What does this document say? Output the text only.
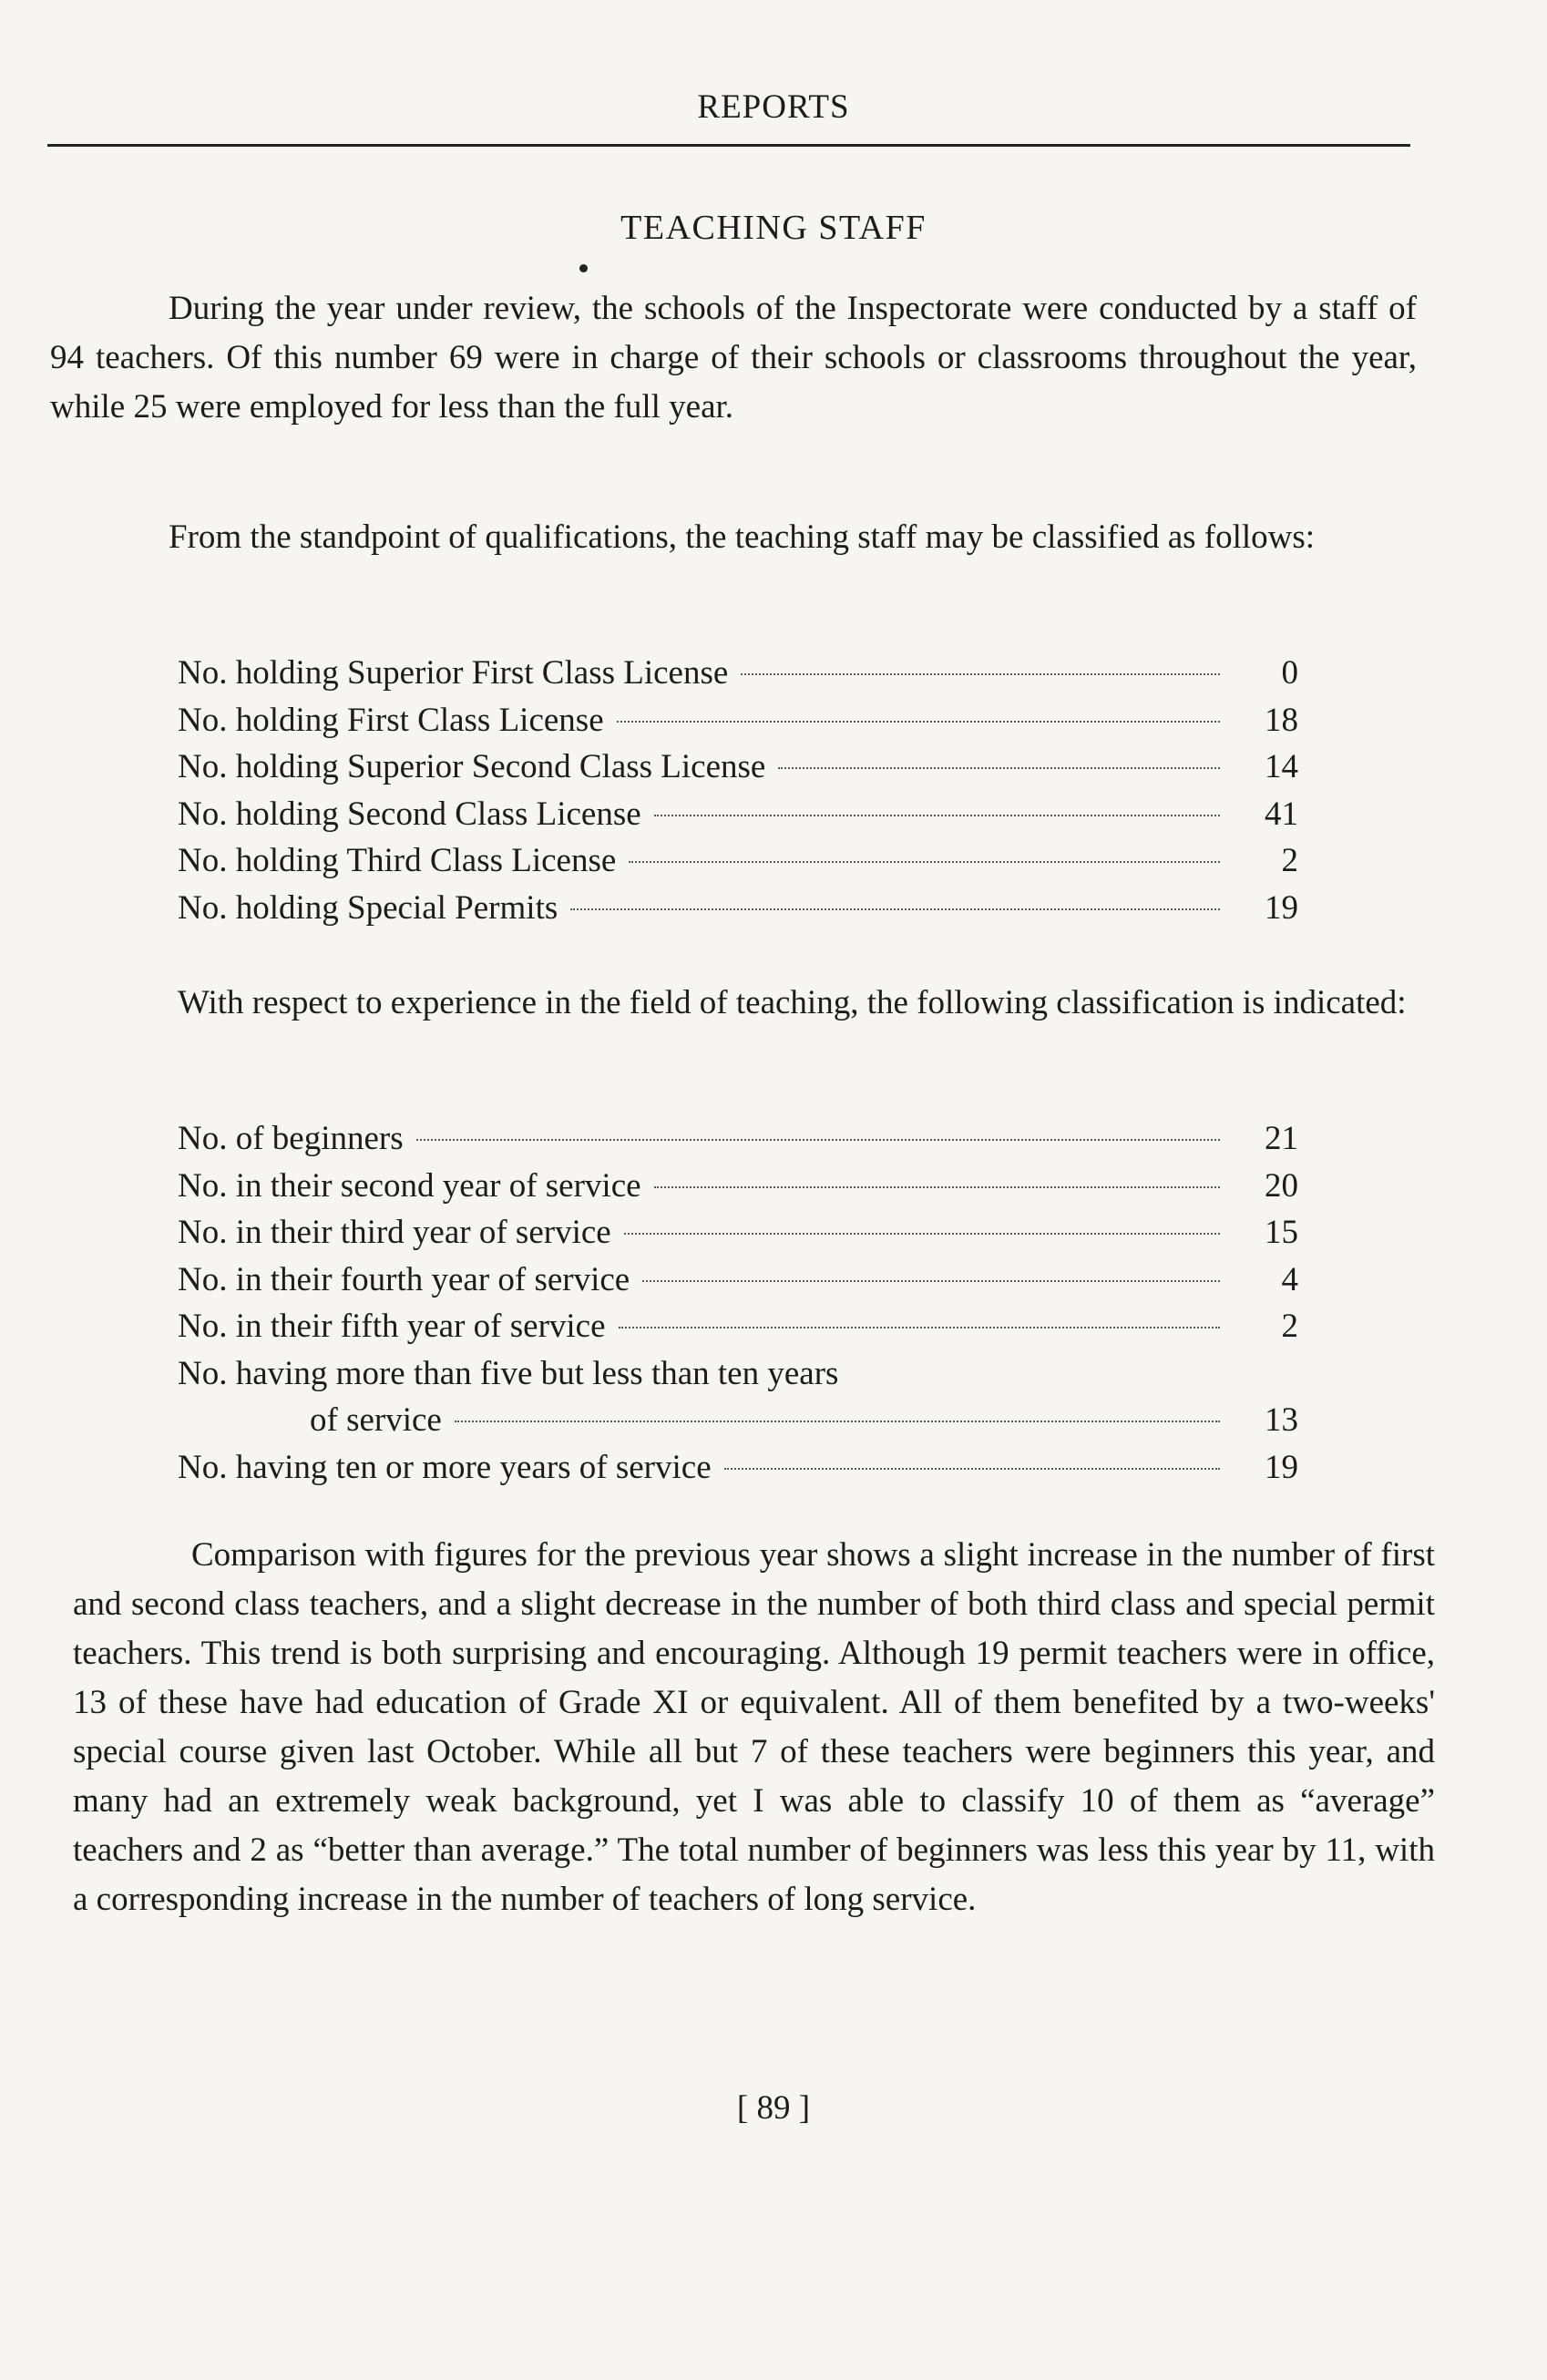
REPORTS
TEACHING STAFF
During the year under review, the schools of the Inspectorate were conducted by a staff of 94 teachers. Of this number 69 were in charge of their schools or classrooms throughout the year, while 25 were employed for less than the full year.
From the standpoint of qualifications, the teaching staff may be classified as follows:
No. holding Superior First Class License	0
No. holding First Class License	18
No. holding Superior Second Class License	14
No. holding Second Class License	41
No. holding Third Class License	2
No. holding Special Permits	19
With respect to experience in the field of teaching, the following classification is indicated:
No. of beginners	21
No. in their second year of service	20
No. in their third year of service	15
No. in their fourth year of service	4
No. in their fifth year of service	2
No. having more than five but less than ten years
of service	13
No. having ten or more years of service	19
Comparison with figures for the previous year shows a slight increase in the number of first and second class teachers, and a slight decrease in the number of both third class and special permit teachers. This trend is both surprising and encouraging. Although 19 permit teachers were in office, 13 of these have had education of Grade XI or equivalent. All of them benefited by a two-weeks' special course given last October. While all but 7 of these teachers were beginners this year, and many had an extremely weak background, yet I was able to classify 10 of them as “average” teachers and 2 as “better than average.” The total number of beginners was less this year by 11, with a corresponding increase in the number of teachers of long service.
[ 89 ]
